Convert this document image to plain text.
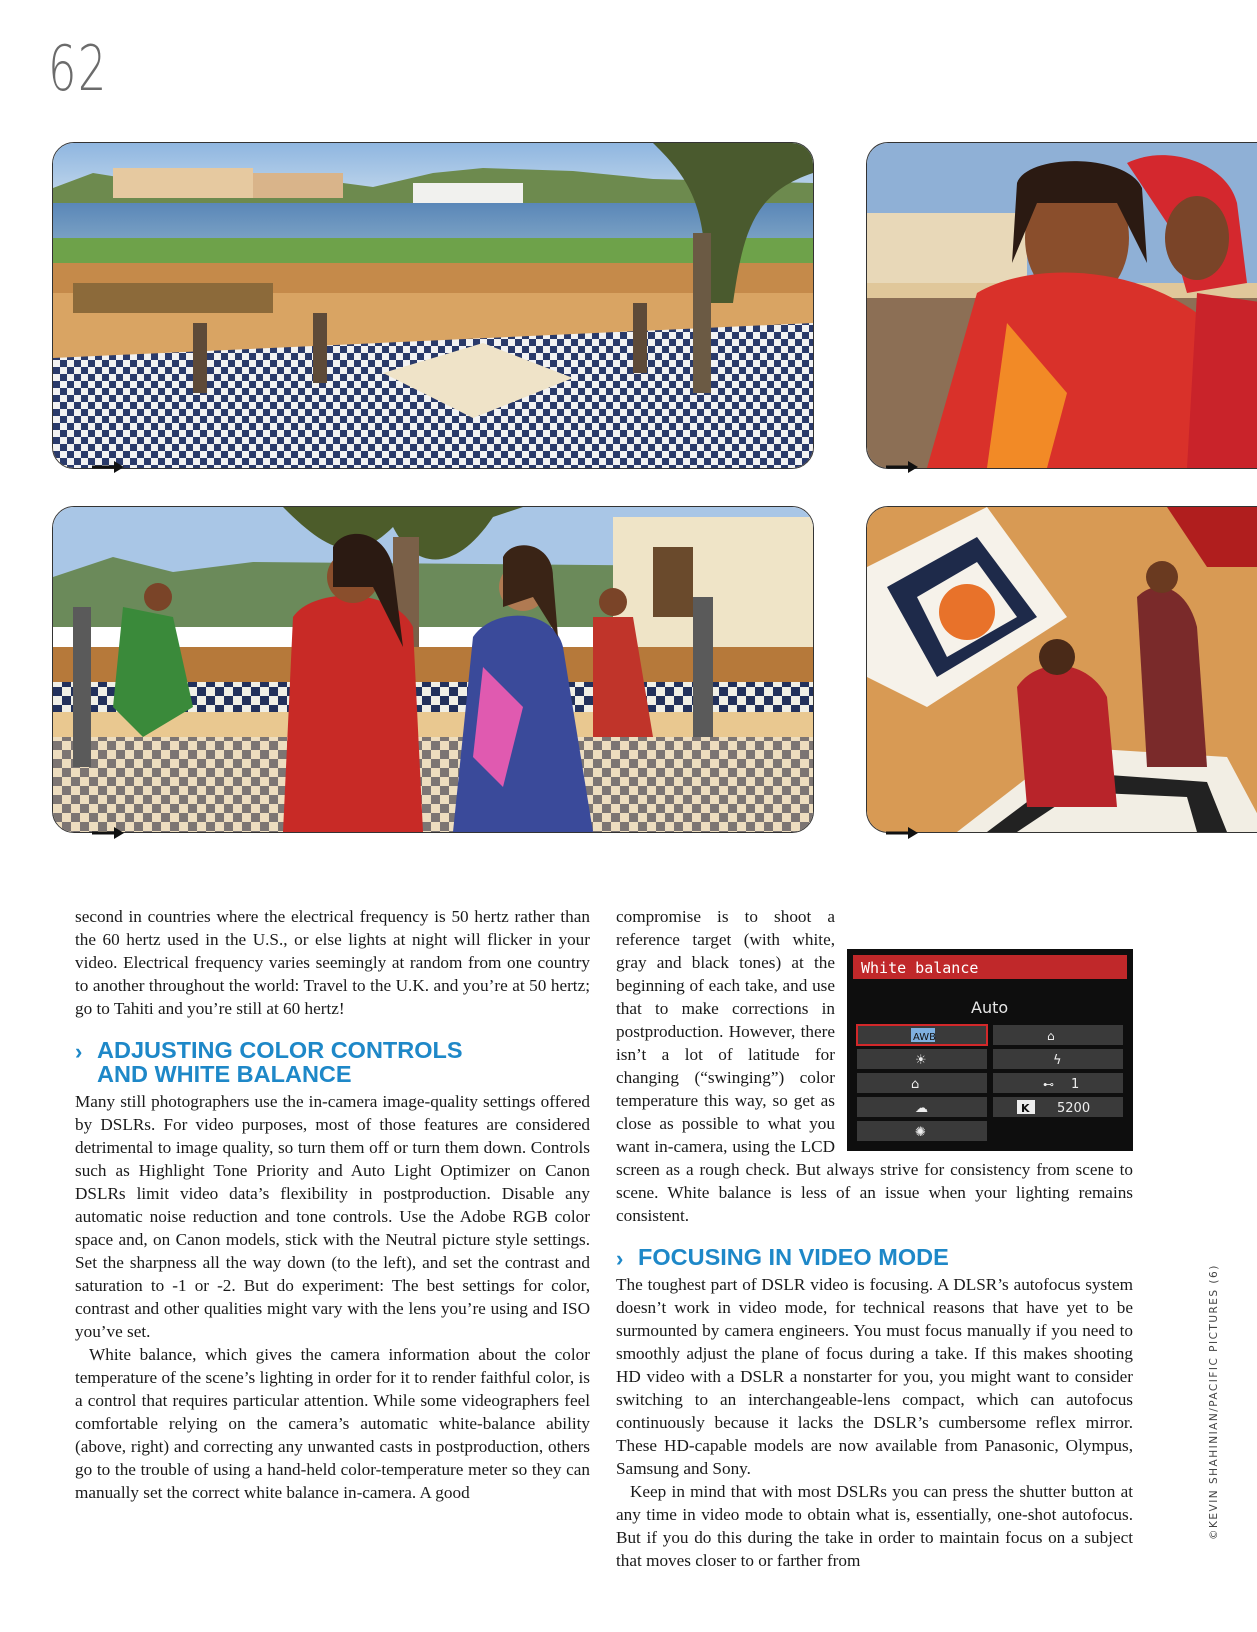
62

second in countries where the electrical frequency is 50 hertz rather than the 60 hertz used in the U.S., or else lights at night will flicker in your video. Electrical frequency varies seemingly at random from one country to another throughout the world: Travel to the U.K. and you’re at 50 hertz; go to Tahiti and you’re still at 60 hertz!

› ADJUSTING COLOR CONTROLS
AND WHITE BALANCE

Many still photographers use the in-camera image-quality settings offered by DSLRs. For video purposes, most of those features are considered detrimental to image quality, so turn them off or turn them down. Controls such as Highlight Tone Priority and Auto Light Optimizer on Canon DSLRs limit video data’s flexibility in postproduction. Disable any automatic noise reduction and tone controls. Use the Adobe RGB color space and, on Canon models, stick with the Neutral picture style settings. Set the sharpness all the way down (to the left), and set the contrast and saturation to -1 or -2. But do experiment: The best settings for color, contrast and other qualities might vary with the lens you’re using and ISO you’ve set.

White balance, which gives the camera information about the color temperature of the scene’s lighting in order for it to render faithful color, is a control that requires particular attention. While some videographers feel comfortable relying on the camera’s automatic white-balance ability (above, right) and correcting any unwanted casts in postproduction, others go to the trouble of using a hand-held color-temperature meter so they can manually set the correct white balance in-camera. A good

White balance
Auto
AWB	⌂
☀	ϟ
⌂	⊷ 1
☁	K 5200
✺

compromise is to shoot a reference target (with white, gray and black tones) at the beginning of each take, and use that to make corrections in postproduction. However, there isn’t a lot of latitude for changing (“swinging”) color temperature this way, so get as close as possible to what you want in-camera, using the LCD screen as a rough check. But always strive for consistency from scene to scene. White balance is less of an issue when your lighting remains consistent.

› FOCUSING IN VIDEO MODE

The toughest part of DSLR video is focusing. A DLSR’s autofocus system doesn’t work in video mode, for technical reasons that have yet to be surmounted by camera engineers. You must focus manually if you need to smoothly adjust the plane of focus during a take. If this makes shooting HD video with a DSLR a nonstarter for you, you might want to consider switching to an interchangeable-lens compact, which can autofocus continuously because it lacks the DSLR’s cumbersome reflex mirror. These HD-capable models are now available from Panasonic, Olympus, Samsung and Sony.

Keep in mind that with most DSLRs you can press the shutter button at any time in video mode to obtain what is, essentially, one-shot autofocus. But if you do this during the take in order to maintain focus on a subject that moves closer to or farther from

©KEVIN SHAHINIAN/PACIFIC PICTURES (6)
